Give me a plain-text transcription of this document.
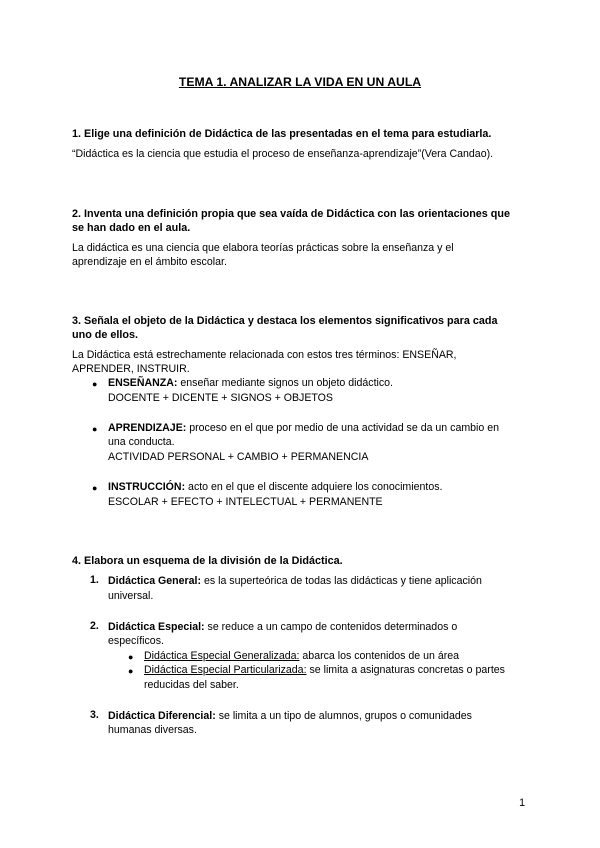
TEMA 1. ANALIZAR LA VIDA EN UN AULA
1. Elige una definición de Didáctica de las presentadas en el tema para estudiarla.
“Didáctica es la ciencia que estudia el proceso de enseñanza-aprendizaje”(Vera Candao).
2. Inventa una definición propia que sea vaída de Didáctica con las orientaciones que
se han dado en el aula.
La didáctica es una ciencia que elabora teorías prácticas sobre la enseñanza y el
aprendizaje en el ámbito escolar.
3. Señala el objeto de la Didáctica y destaca los elementos significativos para cada
uno de ellos.
La Didáctica está estrechamente relacionada con estos tres términos: ENSEÑAR,
APRENDER, INSTRUIR.
● ENSEÑANZA: enseñar mediante signos un objeto didáctico.
DOCENTE + DICENTE + SIGNOS + OBJETOS
● APRENDIZAJE: proceso en el que por medio de una actividad se da un cambio en
una conducta.
ACTIVIDAD PERSONAL + CAMBIO + PERMANENCIA
● INSTRUCCIÓN: acto en el que el discente adquiere los conocimientos.
ESCOLAR + EFECTO + INTELECTUAL + PERMANENTE
4. Elabora un esquema de la división de la Didáctica.
1. Didáctica General: es la superteórica de todas las didácticas y tiene aplicación
universal.
2. Didáctica Especial: se reduce a un campo de contenidos determinados o
específicos.
● Didáctica Especial Generalizada: abarca los contenidos de un área
● Didáctica Especial Particularizada: se limita a asignaturas concretas o partes
reducidas del saber.
3. Didáctica Diferencial: se limita a un tipo de alumnos, grupos o comunidades
humanas diversas.
1
